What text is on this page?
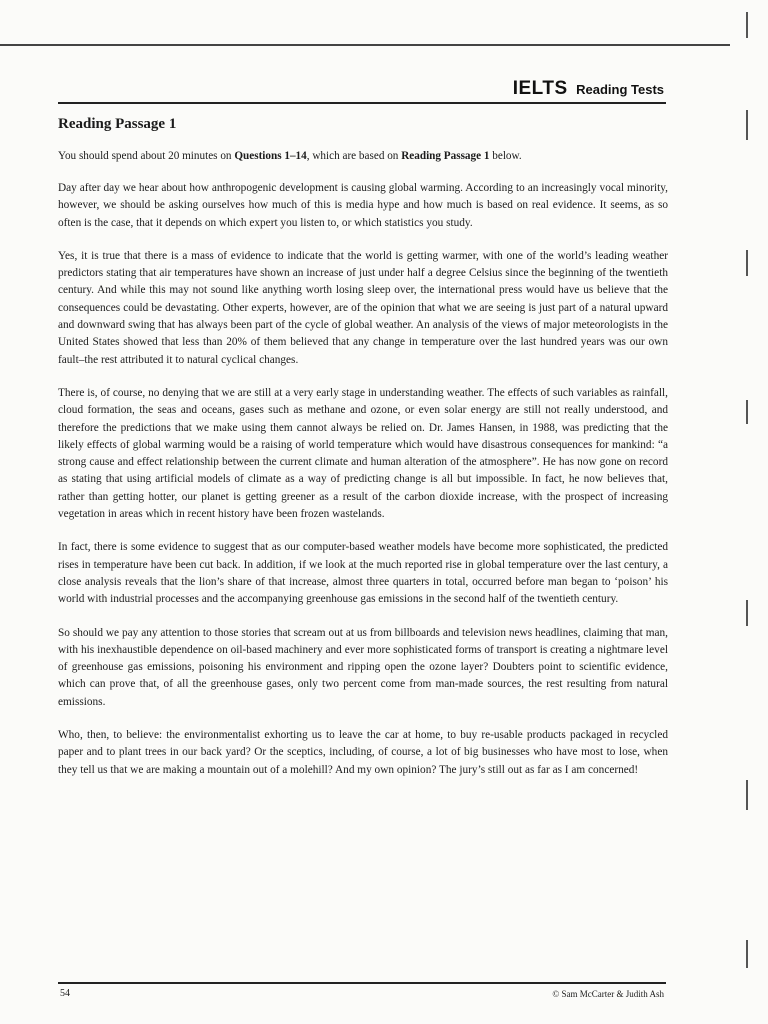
IELTS Reading Tests
Reading Passage 1

You should spend about 20 minutes on Questions 1–14, which are based on Reading Passage 1 below.

Day after day we hear about how anthropogenic development is causing global warming. According to an increasingly vocal minority, however, we should be asking ourselves how much of this is media hype and how much is based on real evidence. It seems, as so often is the case, that it depends on which expert you listen to, or which statistics you study.

Yes, it is true that there is a mass of evidence to indicate that the world is getting warmer, with one of the world’s leading weather predictors stating that air temperatures have shown an increase of just under half a degree Celsius since the beginning of the twentieth century. And while this may not sound like anything worth losing sleep over, the international press would have us believe that the consequences could be devastating. Other experts, however, are of the opinion that what we are seeing is just part of a natural upward and downward swing that has always been part of the cycle of global weather. An analysis of the views of major meteorologists in the United States showed that less than 20% of them believed that any change in temperature over the last hundred years was our own fault–the rest attributed it to natural cyclical changes.

There is, of course, no denying that we are still at a very early stage in understanding weather. The effects of such variables as rainfall, cloud formation, the seas and oceans, gases such as methane and ozone, or even solar energy are still not really understood, and therefore the predictions that we make using them cannot always be relied on. Dr. James Hansen, in 1988, was predicting that the likely effects of global warming would be a raising of world temperature which would have disastrous consequences for mankind: “a strong cause and effect relationship between the current climate and human alteration of the atmosphere”. He has now gone on record as stating that using artificial models of climate as a way of predicting change is all but impossible. In fact, he now believes that, rather than getting hotter, our planet is getting greener as a result of the carbon dioxide increase, with the prospect of increasing vegetation in areas which in recent history have been frozen wastelands.

In fact, there is some evidence to suggest that as our computer-based weather models have become more sophisticated, the predicted rises in temperature have been cut back. In addition, if we look at the much reported rise in global temperature over the last century, a close analysis reveals that the lion’s share of that increase, almost three quarters in total, occurred before man began to ‘poison’ his world with industrial processes and the accompanying greenhouse gas emissions in the second half of the twentieth century.

So should we pay any attention to those stories that scream out at us from billboards and television news headlines, claiming that man, with his inexhaustible dependence on oil-based machinery and ever more sophisticated forms of transport is creating a nightmare level of greenhouse gas emissions, poisoning his environment and ripping open the ozone layer? Doubters point to scientific evidence, which can prove that, of all the greenhouse gases, only two percent come from man-made sources, the rest resulting from natural emissions.

Who, then, to believe: the environmentalist exhorting us to leave the car at home, to buy re-usable products packaged in recycled paper and to plant trees in our back yard? Or the sceptics, including, of course, a lot of big businesses who have most to lose, when they tell us that we are making a mountain out of a molehill? And my own opinion? The jury’s still out as far as I am concerned!

54	© Sam McCarter & Judith Ash
